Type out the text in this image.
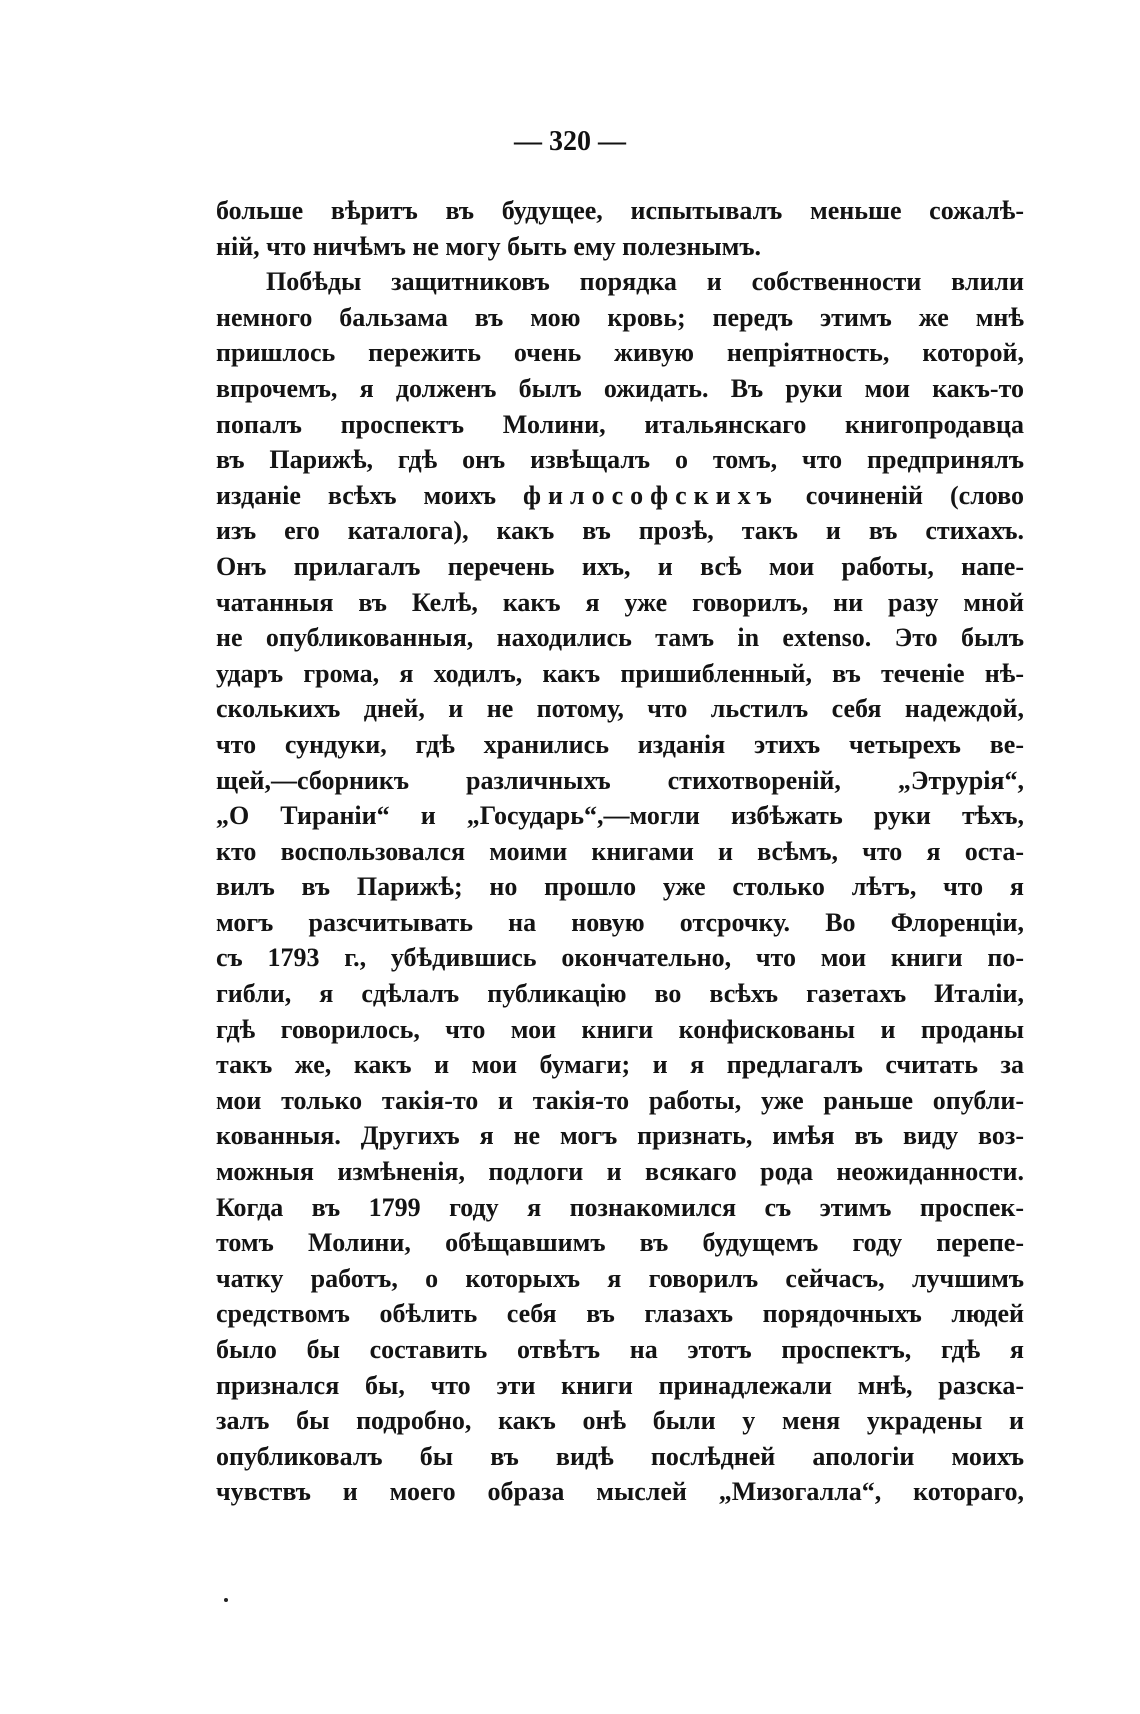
— 320 —
больше вѣритъ въ будущее, испытывалъ меньше сожалѣ-
ній, что ничѣмъ не могу быть ему полезнымъ.
Побѣды защитниковъ порядка и собственности влили
немного бальзама въ мою кровь; передъ этимъ же мнѣ
пришлось пережить очень живую непріятность, которой,
впрочемъ, я долженъ былъ ожидать. Въ руки мои какъ-то
попалъ проспектъ Молини, итальянскаго книгопродавца
въ Парижѣ, гдѣ онъ извѣщалъ о томъ, что предпринялъ
изданіе всѣхъ моихъ философскихъ сочиненій (слово
изъ его каталога), какъ въ прозѣ, такъ и въ стихахъ.
Онъ прилагалъ перечень ихъ, и всѣ мои работы, напе-
чатанныя въ Келѣ, какъ я уже говорилъ, ни разу мной
не опубликованныя, находились тамъ in extenso. Это былъ
ударъ грома, я ходилъ, какъ пришибленный, въ теченіе нѣ-
сколькихъ дней, и не потому, что льстилъ себя надеждой,
что сундуки, гдѣ хранились изданія этихъ четырехъ ве-
щей,—сборникъ различныхъ стихотвореній, „Этрурія“,
„О Тираніи“ и „Государь“,—могли избѣжать руки тѣхъ,
кто воспользовался моими книгами и всѣмъ, что я оста-
вилъ въ Парижѣ; но прошло уже столько лѣтъ, что я
могъ разсчитывать на новую отсрочку. Во Флоренціи,
съ 1793 г., убѣдившись окончательно, что мои книги по-
гибли, я сдѣлалъ публикацію во всѣхъ газетахъ Италіи,
гдѣ говорилось, что мои книги конфискованы и проданы
такъ же, какъ и мои бумаги; и я предлагалъ считать за
мои только такія-то и такія-то работы, уже раньше опубли-
кованныя. Другихъ я не могъ признать, имѣя въ виду воз-
можныя измѣненія, подлоги и всякаго рода неожиданности.
Когда въ 1799 году я познакомился съ этимъ проспек-
томъ Молини, обѣщавшимъ въ будущемъ году перепе-
чатку работъ, о которыхъ я говорилъ сейчасъ, лучшимъ
средствомъ обѣлить себя въ глазахъ порядочныхъ людей
было бы составить отвѣтъ на этотъ проспектъ, гдѣ я
признался бы, что эти книги принадлежали мнѣ, разска-
залъ бы подробно, какъ онѣ были у меня украдены и
опубликовалъ бы въ видѣ послѣдней апологіи моихъ
чувствъ и моего образа мыслей „Мизогалла“, котораго,
